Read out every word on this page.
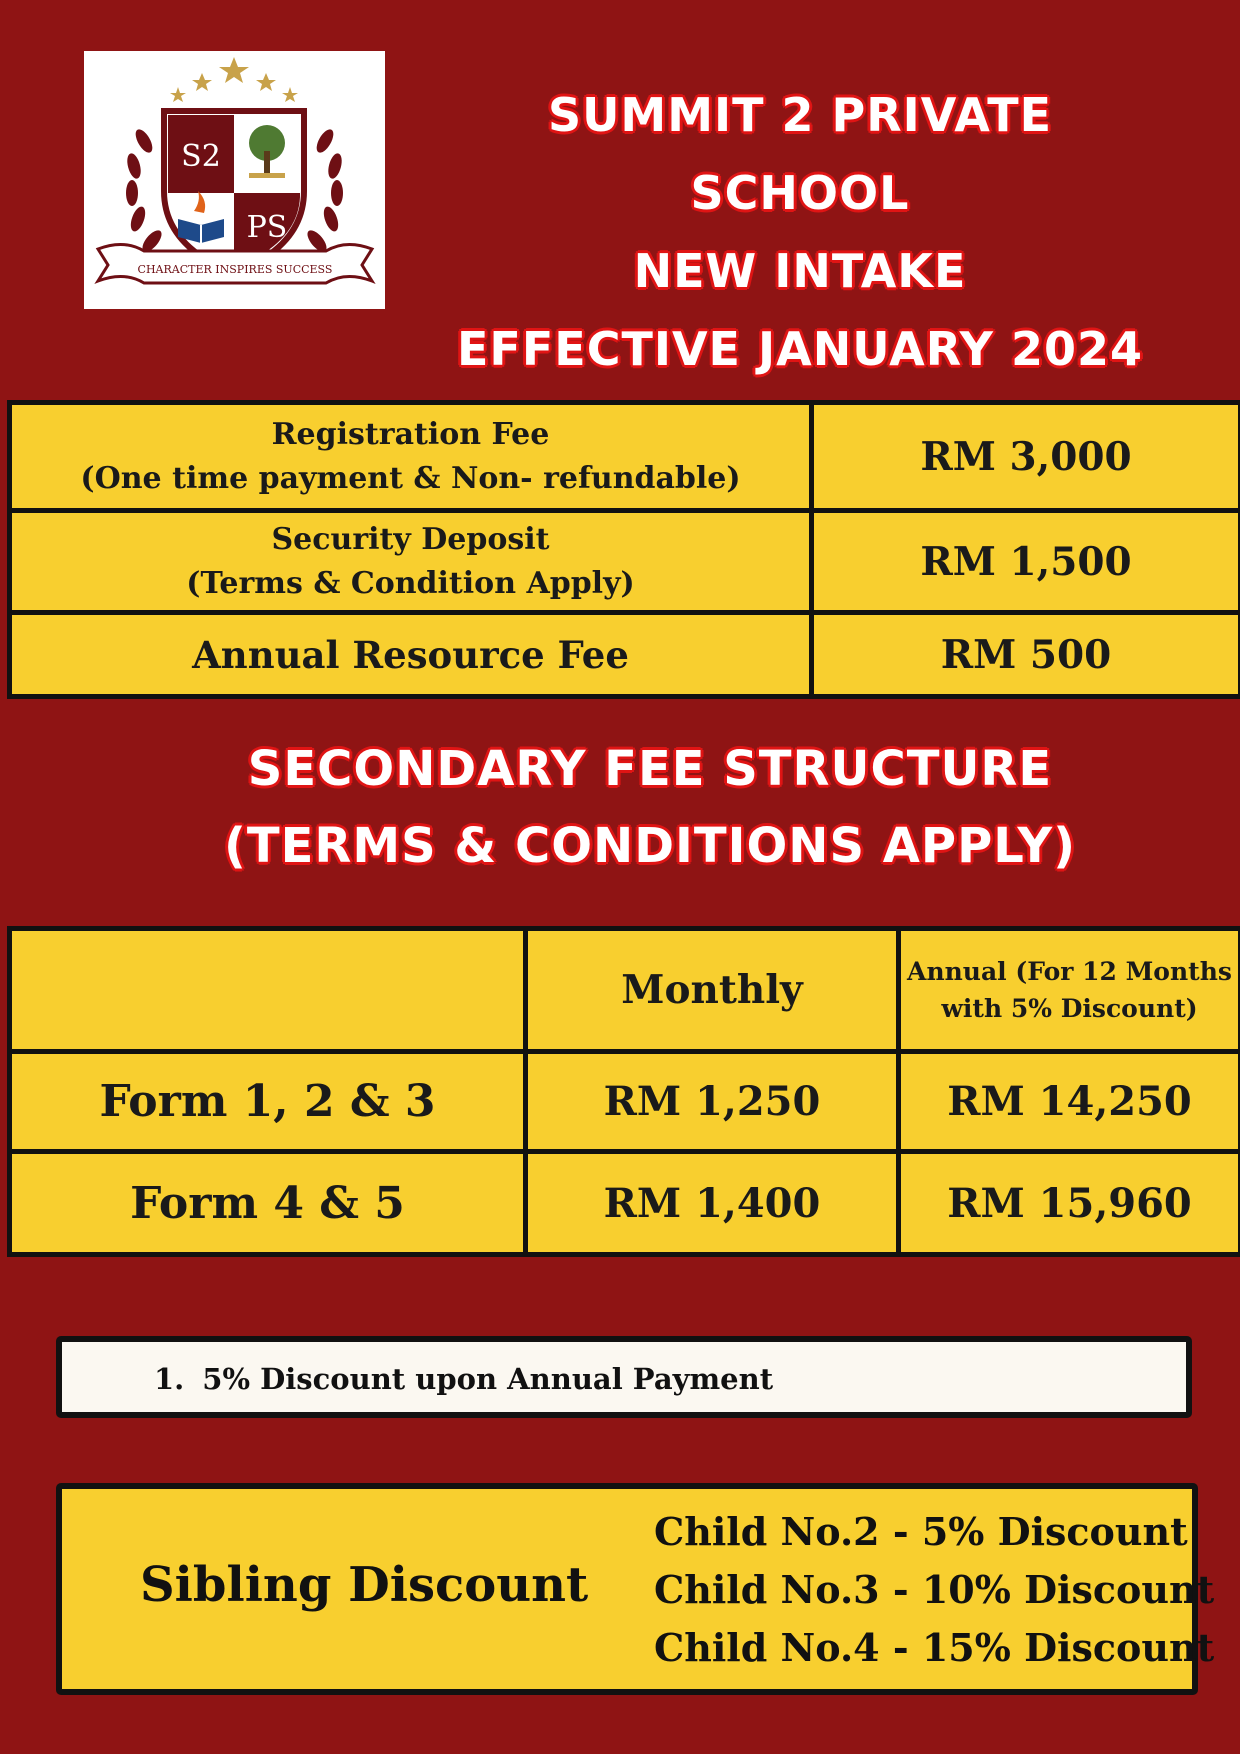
S2
PS
CHARACTER INSPIRES SUCCESS
SUMMIT 2 PRIVATE SCHOOL
NEW INTAKE
EFFECTIVE JANUARY 2024
Registration Fee
(One time payment & Non- refundable)	RM 3,000

Security Deposit
(Terms & Condition Apply)	RM 1,500
Annual Resource Fee	RM 500
SECONDARY FEE STRUCTURE
(TERMS & CONDITIONS APPLY)
	Monthly	Annual (For 12 Months
with 5% Discount)

Form 1, 2 & 3	RM 1,250	RM 14,250
Form 4 & 5	RM 1,400	RM 15,960
1. 5% Discount upon Annual Payment
Sibling Discount
Child No.2 - 5% Discount
Child No.3 - 10% Discount
Child No.4 - 15% Discount
